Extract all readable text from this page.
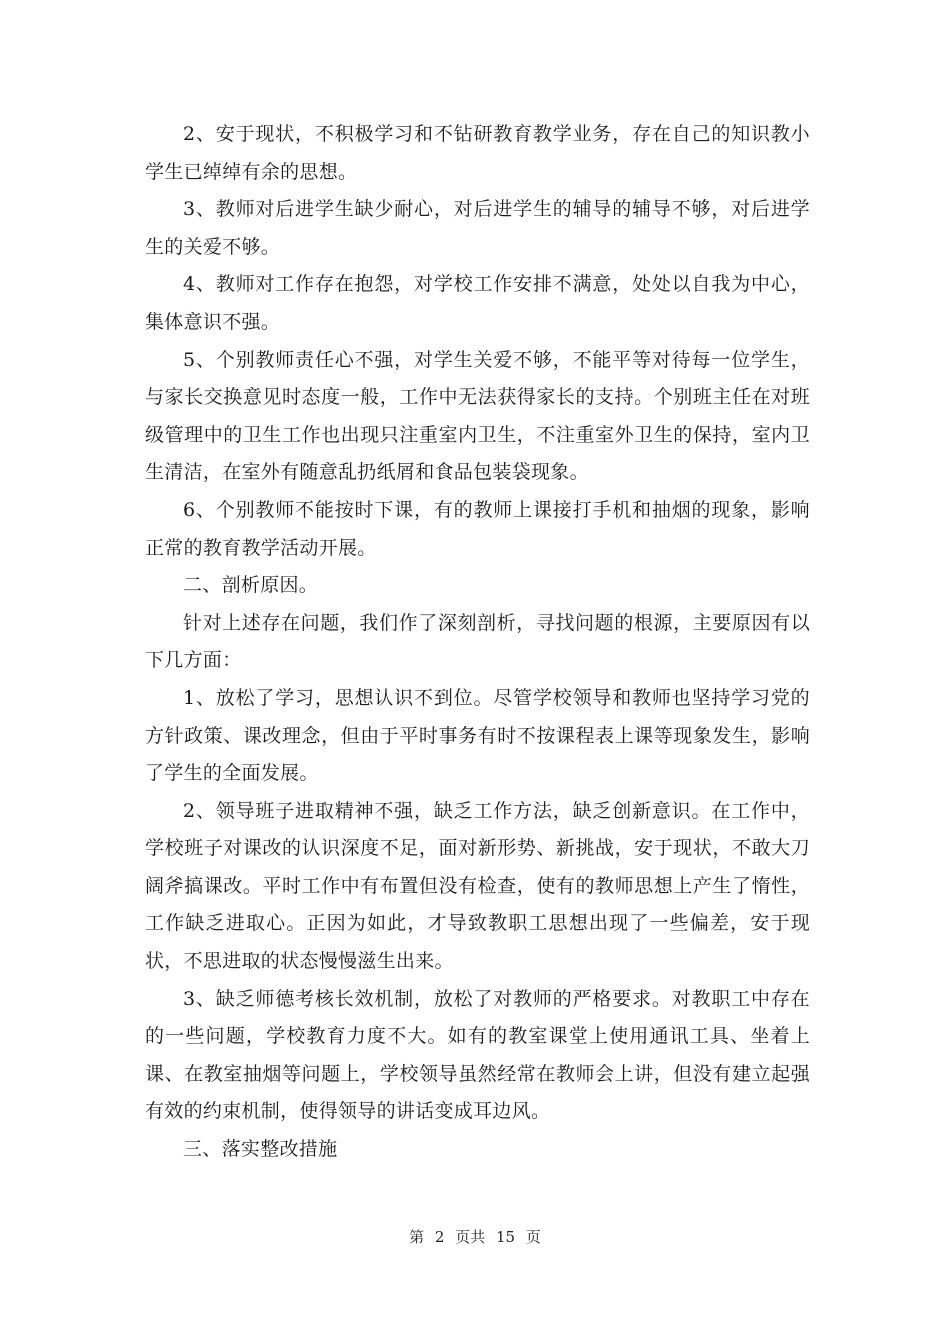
2、安于现状，不积极学习和不钻研教育教学业务，存在自己的知识教小学生已绰绰有余的思想。

3、教师对后进学生缺少耐心，对后进学生的辅导的辅导不够，对后进学生的关爱不够。

4、教师对工作存在抱怨，对学校工作安排不满意，处处以自我为中心，集体意识不强。

5、个别教师责任心不强，对学生关爱不够，不能平等对待每一位学生，与家长交换意见时态度一般，工作中无法获得家长的支持。个别班主任在对班级管理中的卫生工作也出现只注重室内卫生，不注重室外卫生的保持，室内卫生清洁，在室外有随意乱扔纸屑和食品包装袋现象。

6、个别教师不能按时下课，有的教师上课接打手机和抽烟的现象，影响正常的教育教学活动开展。

二、剖析原因。

针对上述存在问题，我们作了深刻剖析，寻找问题的根源，主要原因有以下几方面：

1、放松了学习，思想认识不到位。尽管学校领导和教师也坚持学习党的方针政策、课改理念，但由于平时事务有时不按课程表上课等现象发生，影响了学生的全面发展。

2、领导班子进取精神不强，缺乏工作方法，缺乏创新意识。在工作中，学校班子对课改的认识深度不足，面对新形势、新挑战，安于现状，不敢大刀阔斧搞课改。平时工作中有布置但没有检查，使有的教师思想上产生了惰性，工作缺乏进取心。正因为如此，才导致教职工思想出现了一些偏差，安于现状，不思进取的状态慢慢滋生出来。

3、缺乏师德考核长效机制，放松了对教师的严格要求。对教职工中存在的一些问题，学校教育力度不大。如有的教室课堂上使用通讯工具、坐着上课、在教室抽烟等问题上，学校领导虽然经常在教师会上讲，但没有建立起强有效的约束机制，使得领导的讲话变成耳边风。

三、落实整改措施

第 2 页共 15 页
